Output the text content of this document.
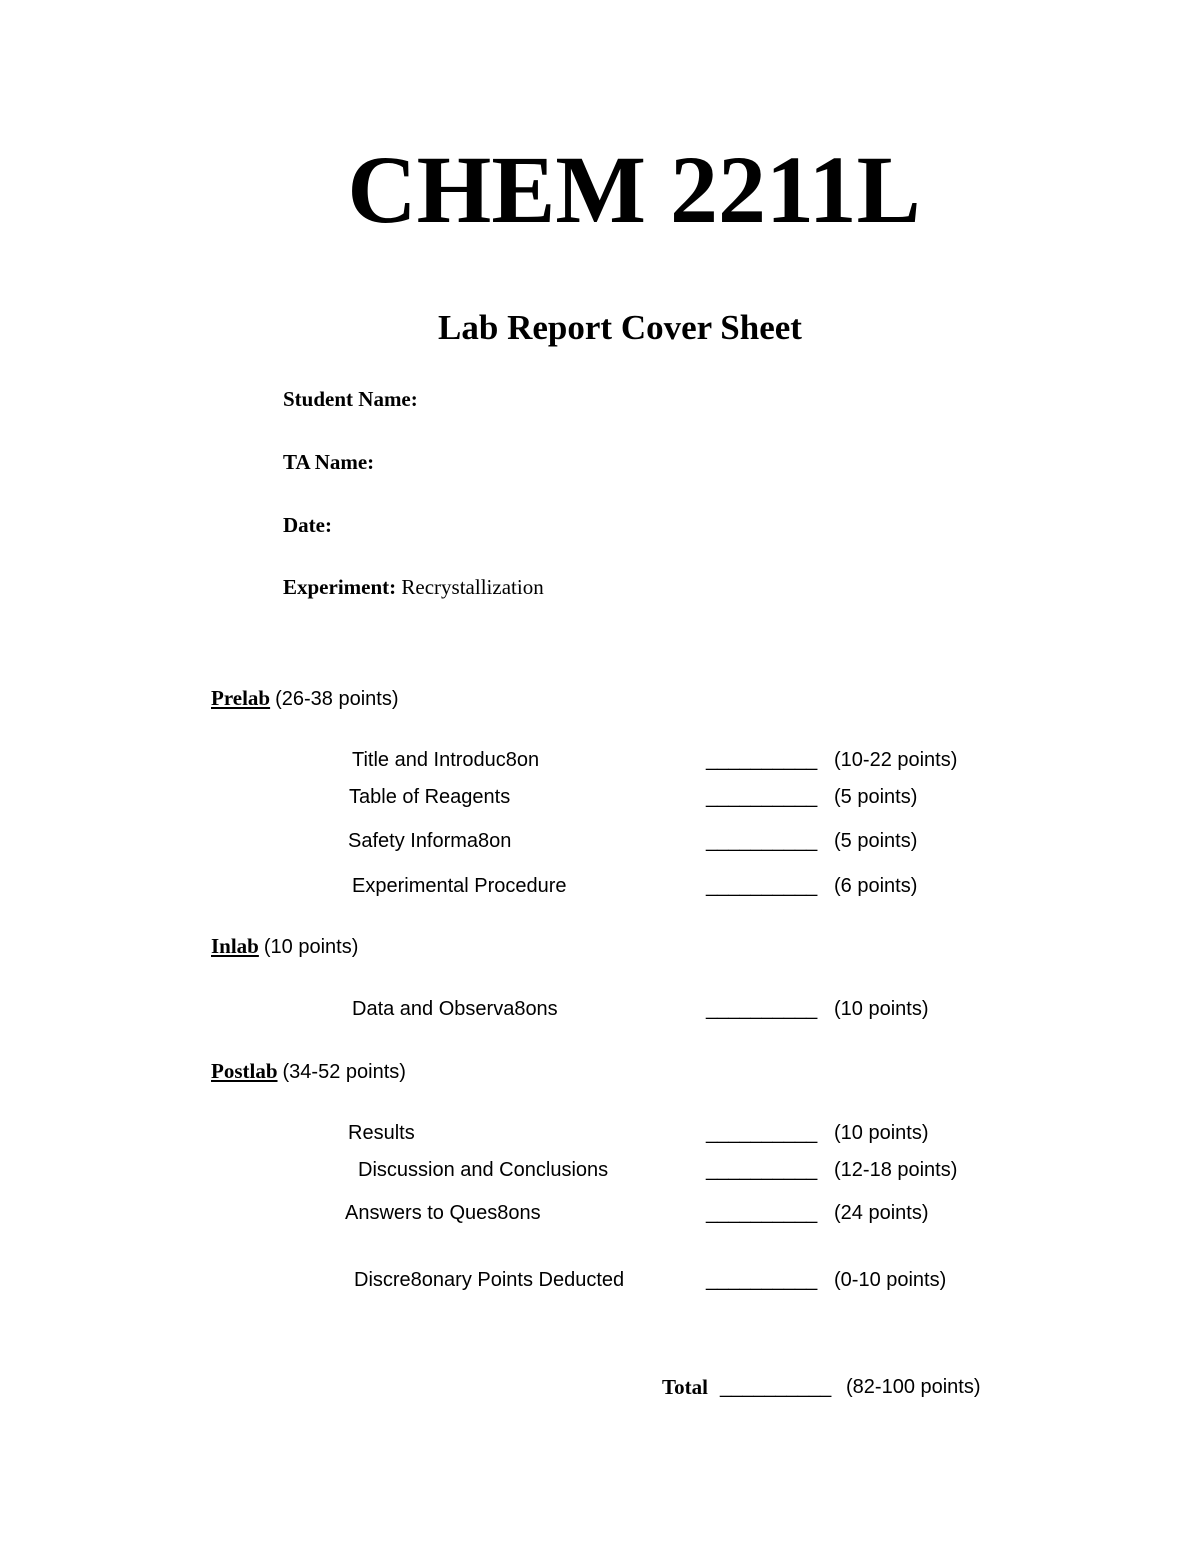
CHEM 2211L
Lab Report Cover Sheet
Student Name:
TA Name:
Date:
Experiment: Recrystallization
Prelab (26-38 points)
Title and Introduc8on	__________ (10-22 points)
Table of Reagents	__________ (5 points)
Safety Informa8on	__________ (5 points)
Experimental Procedure	__________ (6 points)
Inlab (10 points)
Data and Observa8ons	__________ (10 points)
Postlab (34-52 points)
Results	__________ (10 points)
Discussion and Conclusions	__________ (12-18 points)
Answers to Ques8ons	__________ (24 points)
Discre8onary Points Deducted	__________ (0-10 points)
Total __________ (82-100 points)
